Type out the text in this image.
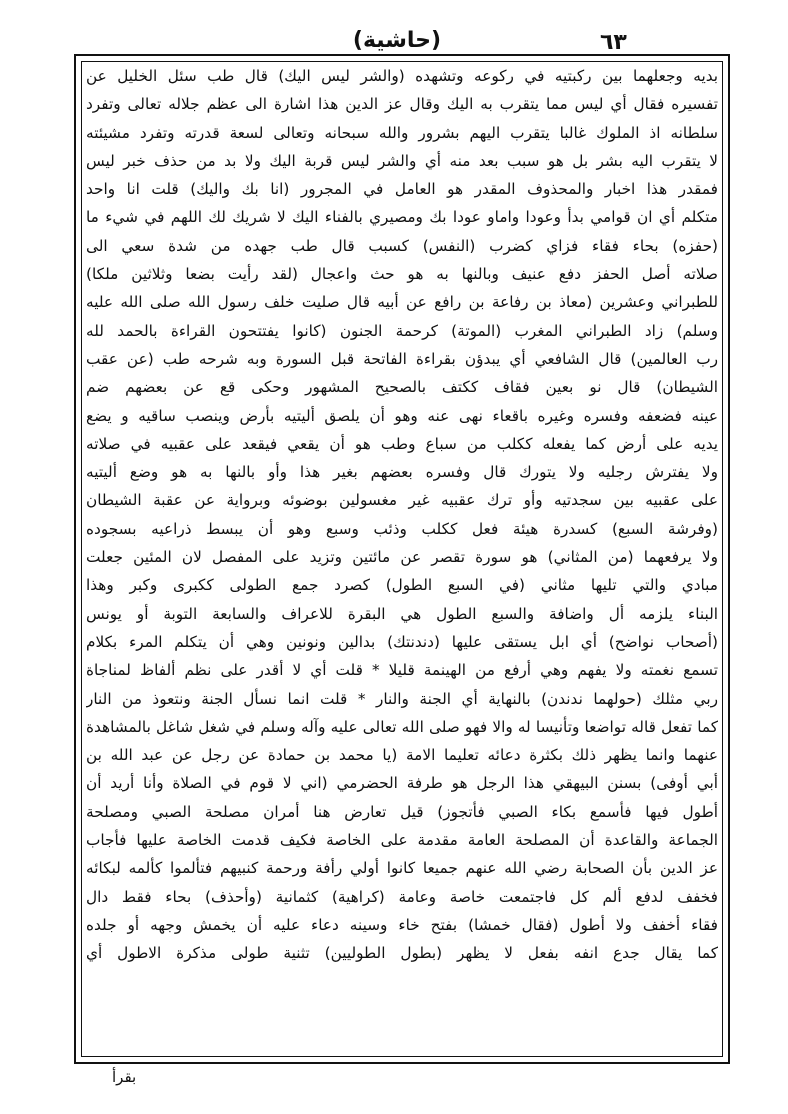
(حاشية)	٦٣
بديه وجعلهما بين ركبتيه في ركوعه وتشهده (والشر ليس اليك) قال طب سئل الخليل عن
تفسيره فقال أي ليس مما يتقرب به اليك وقال عز الدين هذا اشارة الى عظم جلاله تعالى وتفرد
سلطانه اذ الملوك غالبا يتقرب اليهم بشرور والله سبحانه وتعالى لسعة قدرته وتفرد مشيئته
لا يتقرب اليه بشر بل هو سبب بعد منه أي والشر ليس قربة اليك ولا بد من حذف خبر ليس
فمقدر هذا اخبار والمحذوف المقدر هو العامل في المجرور (انا بك واليك) قلت انا واحد
متكلم أي ان قوامي بدأ وعودا واماو عودا بك ومصيري بالفناء اليك لا شريك لك اللهم في شيء ما
(حفزه) بحاء فقاء فزاي كضرب (النفس) كسبب قال طب جهده من شدة سعي الى
صلاته أصل الحفز دفع عنيف وبالنها به هو حث واعجال (لقد رأيت بضعا وثلاثين ملكا)
للطبراني وعشرين (معاذ بن رفاعة بن رافع عن أبيه قال صليت خلف رسول الله صلى الله عليه
وسلم) زاد الطبراني المغرب (الموتة) كرحمة الجنون (كانوا يفتتحون القراءة بالحمد لله
رب العالمين) قال الشافعي أي يبدؤن بقراءة الفاتحة قبل السورة وبه شرحه طب (عن عقب
الشيطان) قال نو بعين فقاف ككتف بالصحيح المشهور وحكى قع عن بعضهم ضم
عينه فضعفه وفسره وغيره باقعاء نهى عنه وهو أن يلصق أليتيه بأرض وينصب ساقيه و يضع
يديه على أرض كما يفعله ككلب من سباع وطب هو أن يقعي فيقعد على عقبيه في صلاته
ولا يفترش رجليه ولا يتورك قال وفسره بعضهم بغير هذا وأو بالنها به هو وضع أليتيه
على عقبيه بين سجدتيه وأو ترك عقبيه غير مغسولين بوضوئه وبرواية عن عقبة الشيطان
(وفرشة السبع) كسدرة هيئة فعل ككلب وذئب وسبع وهو أن يبسط ذراعيه بسجوده
ولا يرفعهما (من المثاني) هو سورة تقصر عن مائتين وتزيد على المفصل لان المئين جعلت
مبادي والتي تليها مثاني (في السبع الطول) كصرد جمع الطولى ككبرى وكبر وهذا
البناء يلزمه أل واضافة والسبع الطول هي البقرة للاعراف والسابعة التوبة أو يونس
(أصحاب نواضح) أي ابل يستقى عليها (دندنتك) بدالين ونونين وهي أن يتكلم المرء بكلام
تسمع نغمته ولا يفهم وهي أرفع من الهينمة قليلا * قلت أي لا أقدر على نظم ألفاظ لمناجاة
ربي مثلك (حولهما ندندن) بالنهاية أي الجنة والنار * قلت انما نسأل الجنة ونتعوذ من النار
كما تفعل قاله تواضعا وتأنيسا له والا فهو صلى الله تعالى عليه وآله وسلم في شغل شاغل بالمشاهدة
عنهما وانما يظهر ذلك بكثرة دعائه تعليما الامة (يا محمد بن حمادة عن رجل عن عبد الله بن
أبي أوفى) بسنن البيهقي هذا الرجل هو طرفة الحضرمي (اني لا قوم في الصلاة وأنا أريد أن
أطول فيها فأسمع بكاء الصبي فأتجوز) قيل تعارض هنا أمران مصلحة الصبي ومصلحة
الجماعة والقاعدة أن المصلحة العامة مقدمة على الخاصة فكيف قدمت الخاصة عليها فأجاب
عز الدين بأن الصحابة رضي الله عنهم جميعا كانوا أولي رأفة ورحمة كنبيهم فتألموا كألمه لبكائه
فخفف لدفع ألم كل فاجتمعت خاصة وعامة (كراهية) كثمانية (وأحذف) بحاء فقط دال
فقاء أخفف ولا أطول (فقال خمشا) بفتح خاء وسينه دعاء عليه أن يخمش وجهه أو جلده
كما يقال جدع انفه بفعل لا يظهر (بطول الطوليين) تثنية طولى مذكرة الاطول أي
بقرأ
